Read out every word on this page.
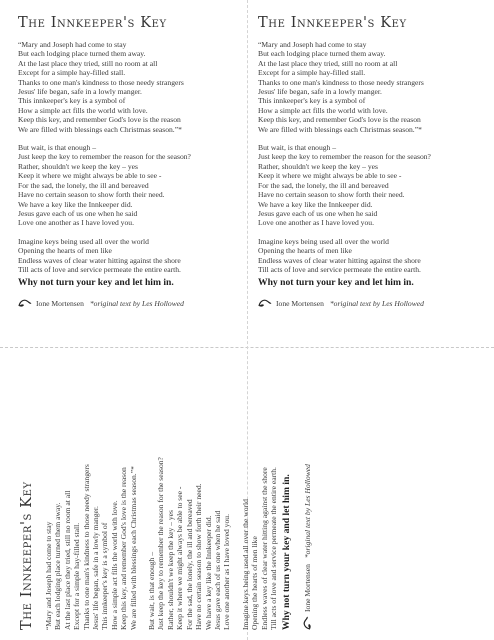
The Innkeeper's Key
“Mary and Joseph had come to stay
But each lodging place turned them away.
At the last place they tried, still no room at all
Except for a simple hay-filled stall.
Thanks to one man's kindness to those needy strangers
Jesus' life began, safe in a lowly manger.
This innkeeper's key is a symbol of
How a simple act fills the world with love.
Keep this key, and remember God's love is the reason
We are filled with blessings each Christmas season.”*
But wait, is that enough –
Just keep the key to remember the reason for the season?
Rather, shouldn't we keep the key – yes
Keep it where we might always be able to see -
For the sad, the lonely, the ill and bereaved
Have no certain season to show forth their need.
We have a key like the Innkeeper did.
Jesus gave each of us one when he said
Love one another as I have loved you.
Imagine keys being used all over the world
Opening the hearts of men like
Endless waves of clear water hitting against the shore
Till acts of love and service permeate the entire earth.
Why not turn your key and let him in.
Ione Mortensen *original text by Les Hollowed
The Innkeeper's Key
“Mary and Joseph had come to stay
But each lodging place turned them away.
At the last place they tried, still no room at all
Except for a simple hay-filled stall.
Thanks to one man's kindness to those needy strangers
Jesus' life began, safe in a lowly manger.
This innkeeper's key is a symbol of
How a simple act fills the world with love.
Keep this key, and remember God's love is the reason
We are filled with blessings each Christmas season.”*
But wait, is that enough –
Just keep the key to remember the reason for the season?
Rather, shouldn't we keep the key – yes
Keep it where we might always be able to see -
For the sad, the lonely, the ill and bereaved
Have no certain season to show forth their need.
We have a key like the Innkeeper did.
Jesus gave each of us one when he said
Love one another as I have loved you.
Imagine keys being used all over the world
Opening the hearts of men like
Endless waves of clear water hitting against the shore
Till acts of love and service permeate the entire earth.
Why not turn your key and let him in.
Ione Mortensen *original text by Les Hollowed
The Innkeeper's Key	“Mary and Joseph had come to stay But each lodging place turned them away. At the last place they tried, still no room at all Except for a simple hay-filled stall. Thanks to one man's kindness to those needy strangers Jesus' life began, safe in a lowly manger. This innkeeper's key is a symbol of How a simple act fills the world with love. Keep this key, and remember God's love is the reason We are filled with blessings each Christmas season.”* But wait, is that enough – Just keep the key to remember the reason for the season? Rather, shouldn't we keep the key – yes Keep it where we might always be able to see - For the sad, the lonely, the ill and bereaved Have no certain season to show forth their need. We have a key like the Innkeeper did. Jesus gave each of us one when he said Love one another as I have loved you. Imagine keys being used all over the world Opening the hearts of men like Endless waves of clear water hitting against the shore Till acts of love and service permeate the entire earth. Why not turn your key and let him in. Ione Mortensen
*original text by Les Hollowed
